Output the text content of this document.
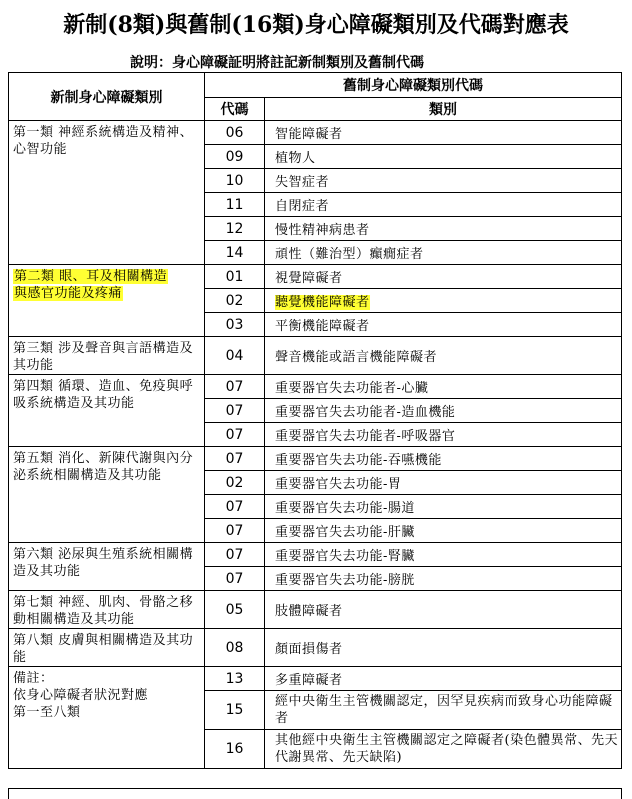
新制(8類)與舊制(16類)身心障礙類別及代碼對應表
說明：身心障礙証明將註記新制類別及舊制代碼
新制身心障礙類別	舊制身心障礙類別代碼	
	代碼	類別
第一類 神經系統構造及精神、心智功能	06	智能障礙者
	09	植物人
	10	失智症者
	11	自閉症者
	12	慢性精神病患者
	14	頑性（難治型）癲癇症者
第二類 眼、耳及相關構造
與感官功能及疼痛	01	視覺障礙者
	02	聽覺機能障礙者
	03	平衡機能障礙者
第三類 涉及聲音與言語構造及其功能	04	聲音機能或語言機能障礙者
第四類 循環、造血、免疫與呼吸系統構造及其功能	07	重要器官失去功能者-心臟
	07	重要器官失去功能者-造血機能
	07	重要器官失去功能者-呼吸器官
第五類 消化、新陳代謝與內分泌系統相關構造及其功能	07	重要器官失去功能-吞嚥機能
	02	重要器官失去功能-胃
	07	重要器官失去功能-腸道
	07	重要器官失去功能-肝臟
第六類 泌尿與生殖系統相關構造及其功能	07	重要器官失去功能-腎臟
	07	重要器官失去功能-膀胱
第七類 神經、肌肉、骨骼之移動相關構造及其功能	05	肢體障礙者
第八類 皮膚與相關構造及其功能	08	顏面損傷者
備註：
依身心障礙者狀況對應
第一至八類	13	多重障礙者
	15	經中央衛生主管機關認定，因罕見疾病而致身心功能障礙者
	16	其他經中央衛生主管機關認定之障礙者(染色體異常、先天代謝異常、先天缺陷)
